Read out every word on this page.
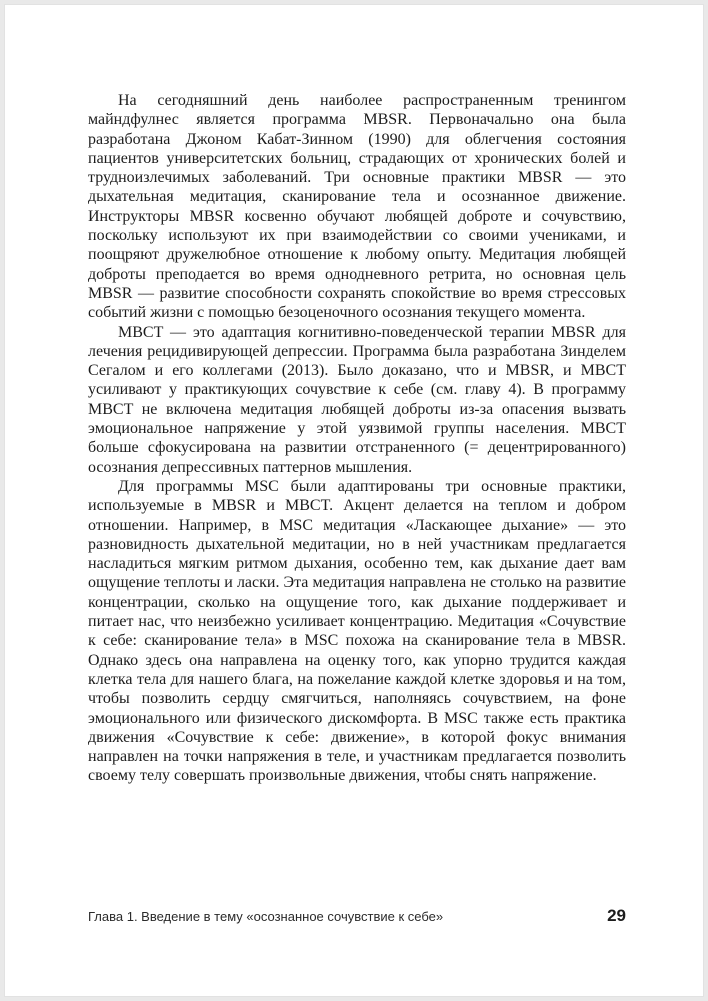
На сегодняшний день наиболее распространенным тренингом майндфулнес является программа MBSR. Первоначально она была разработана Джоном Кабат-Зинном (1990) для облегчения состояния пациентов университетских больниц, страдающих от хронических болей и трудноизлечимых заболеваний. Три основные практики MBSR — это дыхательная медитация, сканирование тела и осознанное движение. Инструкторы MBSR косвенно обучают любящей доброте и сочувствию, поскольку используют их при взаимодействии со своими учениками, и поощряют дружелюбное отношение к любому опыту. Медитация любящей доброты преподается во время однодневного ретрита, но основная цель MBSR — развитие способности сохранять спокойствие во время стрессовых событий жизни с помощью безоценочного осознания текущего момента.

MBCT — это адаптация когнитивно-поведенческой терапии MBSR для лечения рецидивирующей депрессии. Программа была разработана Зинделем Сегалом и его коллегами (2013). Было доказано, что и MBSR, и MBCT усиливают у практикующих сочувствие к себе (см. главу 4). В программу MBCT не включена медитация любящей доброты из-за опасения вызвать эмоциональное напряжение у этой уязвимой группы населения. MBCT больше сфокусирована на развитии отстраненного (= децентрированного) осознания депрессивных паттернов мышления.

Для программы MSC были адаптированы три основные практики, используемые в MBSR и MBCT. Акцент делается на теплом и добром отношении. Например, в MSC медитация «Ласкающее дыхание» — это разновидность дыхательной медитации, но в ней участникам предлагается насладиться мягким ритмом дыхания, особенно тем, как дыхание дает вам ощущение теплоты и ласки. Эта медитация направлена не столько на развитие концентрации, сколько на ощущение того, как дыхание поддерживает и питает нас, что неизбежно усиливает концентрацию. Медитация «Сочувствие к себе: сканирование тела» в MSC похожа на сканирование тела в MBSR. Однако здесь она направлена на оценку того, как упорно трудится каждая клетка тела для нашего блага, на пожелание каждой клетке здоровья и на том, чтобы позволить сердцу смягчиться, наполняясь сочувствием, на фоне эмоционального или физического дискомфорта. В MSC также есть практика движения «Сочувствие к себе: движение», в которой фокус внимания направлен на точки напряжения в теле, и участникам предлагается позволить своему телу совершать произвольные движения, чтобы снять напряжение.

Глава 1. Введение в тему «осознанное сочувствие к себе»	29
